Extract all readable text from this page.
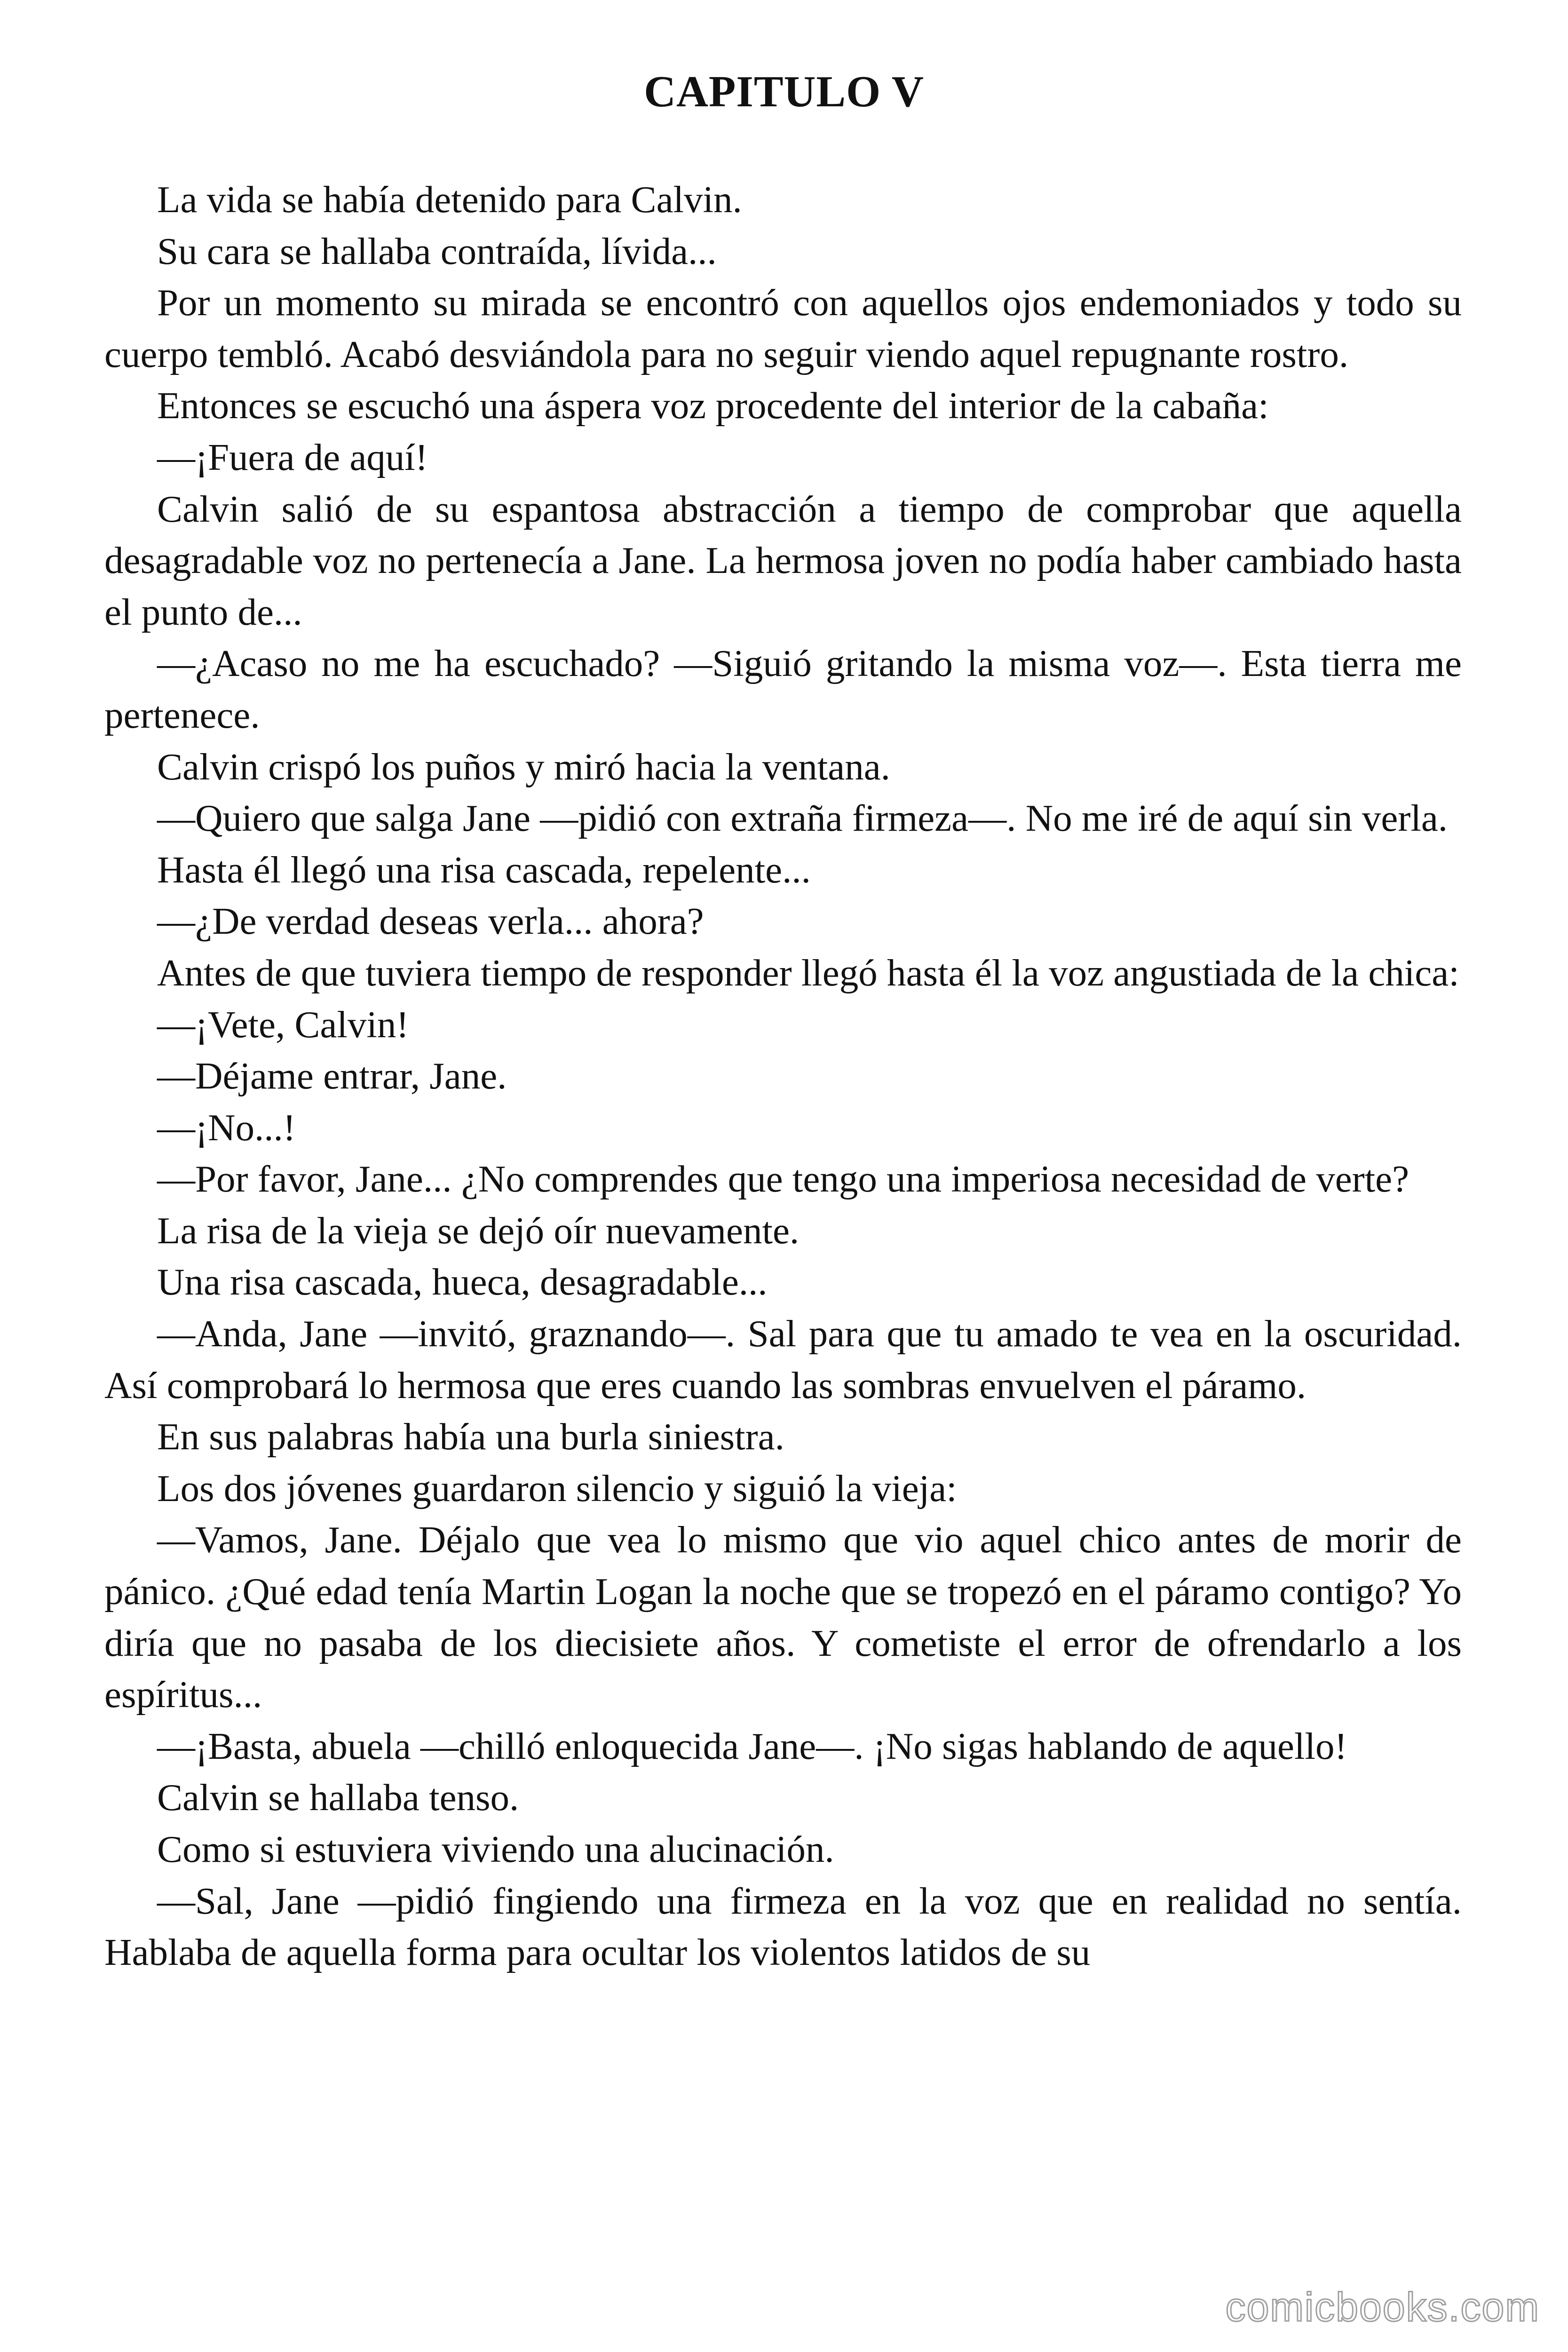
CAPITULO V

La vida se había detenido para Calvin.

Su cara se hallaba contraída, lívida...

Por un momento su mirada se encontró con aquellos ojos endemoniados y todo su cuerpo tembló. Acabó desviándola para no seguir viendo aquel repugnante rostro.

Entonces se escuchó una áspera voz procedente del interior de la cabaña:

—¡Fuera de aquí!

Calvin salió de su espantosa abstracción a tiempo de comprobar que aquella desagradable voz no pertenecía a Jane. La hermosa joven no podía haber cambiado hasta el punto de...

—¿Acaso no me ha escuchado? —Siguió gritando la misma voz—. Esta tierra me pertenece.

Calvin crispó los puños y miró hacia la ventana.

—Quiero que salga Jane —pidió con extraña firmeza—. No me iré de aquí sin verla.

Hasta él llegó una risa cascada, repelente...

—¿De verdad deseas verla... ahora?

Antes de que tuviera tiempo de responder llegó hasta él la voz angustiada de la chica:

—¡Vete, Calvin!

—Déjame entrar, Jane.

—¡No...!

—Por favor, Jane... ¿No comprendes que tengo una imperiosa necesidad de verte?

La risa de la vieja se dejó oír nuevamente.

Una risa cascada, hueca, desagradable...

—Anda, Jane —invitó, graznando—. Sal para que tu amado te vea en la oscuridad. Así comprobará lo hermosa que eres cuando las sombras envuelven el páramo.

En sus palabras había una burla siniestra.

Los dos jóvenes guardaron silencio y siguió la vieja:

—Vamos, Jane. Déjalo que vea lo mismo que vio aquel chico antes de morir de pánico. ¿Qué edad tenía Martin Logan la noche que se tropezó en el páramo contigo? Yo diría que no pasaba de los diecisiete años. Y cometiste el error de ofrendarlo a los espíritus...

—¡Basta, abuela —chilló enloquecida Jane—. ¡No sigas hablando de aquello!

Calvin se hallaba tenso.

Como si estuviera viviendo una alucinación.

—Sal, Jane —pidió fingiendo una firmeza en la voz que en realidad no sentía. Hablaba de aquella forma para ocultar los violentos latidos de su

comicbooks.com
